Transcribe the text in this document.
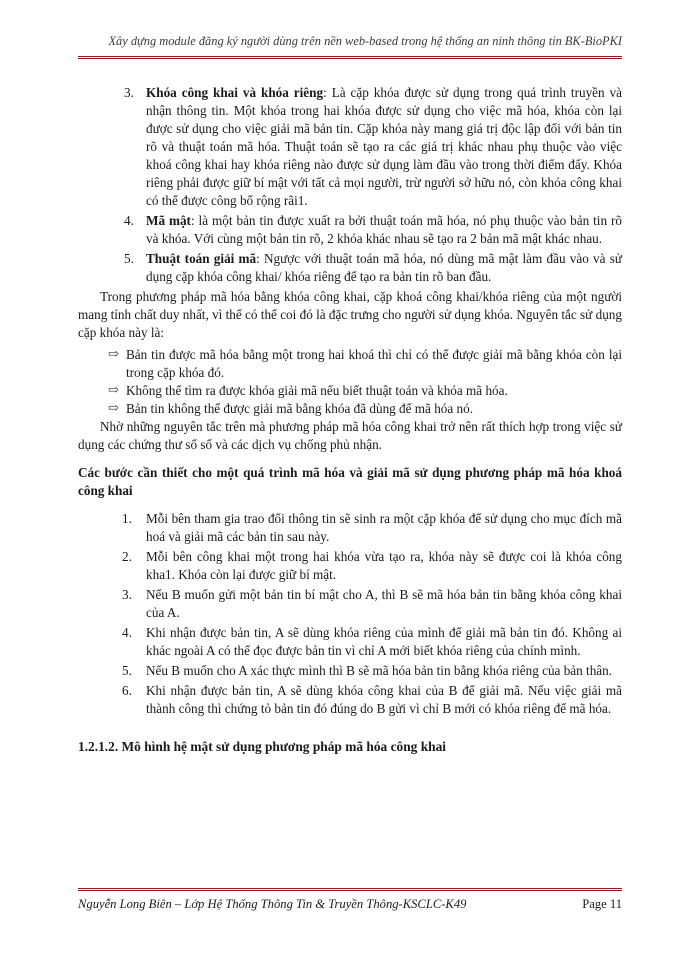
Xây dựng module đăng ký người dùng trên nền web-based trong hệ thống an ninh thông tin BK-BioPKI
3. Khóa công khai và khóa riêng: Là cặp khóa được sử dụng trong quá trình truyền và nhận thông tin. Một khóa trong hai khóa được sử dụng cho việc mã hóa, khóa còn lại được sử dụng cho việc giải mã bản tin. Cặp khóa này mang giá trị độc lập đối với bản tin rõ và thuật toán mã hóa. Thuật toán sẽ tạo ra các giá trị khác nhau phụ thuộc vào việc khoá công khai hay khóa riêng nào được sử dụng làm đầu vào trong thời điểm đấy. Khóa riêng phải được giữ bí mật với tất cả mọi người, trừ người sở hữu nó, còn khóa công khai có thể được công bố rộng rãi1.
4. Mã mật: là một bản tin được xuất ra bởi thuật toán mã hóa, nó phụ thuộc vào bản tin rõ và khóa. Với cùng một bản tin rõ, 2 khóa khác nhau sẽ tạo ra 2 bản mã mật khác nhau.
5. Thuật toán giải mã: Ngược với thuật toán mã hóa, nó dùng mã mật làm đầu vào và sử dụng cặp khóa công khai/ khóa riêng để tạo ra bản tin rõ ban đầu.

Trong phương pháp mã hóa bằng khóa công khai, cặp khoá công khai/khóa riêng của một người mang tính chất duy nhất, vì thế có thể coi đó là đặc trưng cho người sử dụng khóa. Nguyên tắc sử dụng cặp khóa này là:

⇨ Bản tin được mã hóa bằng một trong hai khoá thì chỉ có thể được giải mã bằng khóa còn lại trong cặp khóa đó.
⇨ Không thể tìm ra được khóa giải mã nếu biết thuật toán và khóa mã hóa.
⇨ Bản tin không thể được giải mã bằng khóa đã dùng để mã hóa nó.

Nhờ những nguyên tắc trên mà phương pháp mã hóa công khai trở nên rất thích hợp trong việc sử dụng các chứng thư số số và các dịch vụ chống phủ nhận.

Các bước cần thiết cho một quá trình mã hóa và giải mã sử dụng phương pháp mã hóa khoá công khai
1. Mỗi bên tham gia trao đổi thông tin sẽ sinh ra một cặp khóa để sử dụng cho mục đích mã hoá và giải mã các bản tin sau này.
2. Mỗi bên công khai một trong hai khóa vừa tạo ra, khóa này sẽ được coi là khóa công kha1. Khóa còn lại được giữ bí mật.
3. Nếu B muốn gửi một bản tin bí mật cho A, thì B sẽ mã hóa bản tin bằng khóa công khai của A.
4. Khi nhận được bản tin, A sẽ dùng khóa riêng của mình để giải mã bản tin đó. Không ai khác ngoài A có thể đọc được bản tin vì chỉ A mới biết khóa riêng của chính mình.
5. Nếu B muốn cho A xác thực mình thì B sẽ mã hóa bản tin bằng khóa riêng của bản thân.
6. Khi nhận được bản tin, A sẽ dùng khóa công khai của B để giải mã. Nếu việc giải mã thành công thì chứng tỏ bản tin đó đúng do B gửi vì chỉ B mới có khóa riêng để mã hóa.
1.2.1.2. Mô hình hệ mật sử dụng phương pháp mã hóa công khai
Nguyễn Long Biên – Lớp Hệ Thống Thông Tin & Truyền Thông-KSCLC-K49	Page 11
